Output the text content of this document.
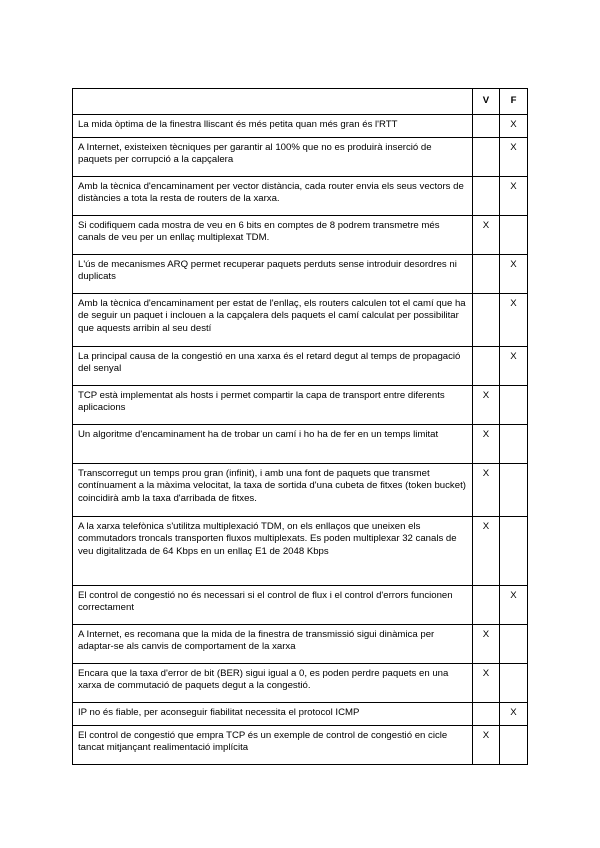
	V	F
La mida òptima de la finestra lliscant és més petita quan més gran és l'RTT		X
A Internet, existeixen tècniques per garantir al 100% que no es produirà inserció de paquets per corrupció a la capçalera		X
Amb la tècnica d'encaminament per vector distància, cada router envia els seus vectors de distàncies a tota la resta de routers de la xarxa.		X
Si codifiquem cada mostra de veu en 6 bits en comptes de 8 podrem transmetre més canals de veu per un enllaç multiplexat TDM.	X	
L'ús de mecanismes ARQ permet recuperar paquets perduts sense introduir desordres ni duplicats		X
Amb la tècnica d'encaminament per estat de l'enllaç, els routers calculen tot el camí que ha de seguir un paquet i inclouen a la capçalera dels paquets el camí calculat per possibilitar que aquests arribin al seu destí		X
La principal causa de la congestió en una xarxa és el retard degut al temps de propagació del senyal		X
TCP està implementat als hosts i permet compartir la capa de transport entre diferents aplicacions	X	
Un algoritme d'encaminament ha de trobar un camí i ho ha de fer en un temps limitat	X	
Transcorregut un temps prou gran (infinit), i amb una font de paquets que transmet contínuament a la màxima velocitat, la taxa de sortida d'una cubeta de fitxes (token bucket) coincidirà amb la taxa d'arribada de fitxes.	X	
A la xarxa telefònica s'utilitza multiplexació TDM, on els enllaços que uneixen els commutadors troncals transporten fluxos multiplexats. Es poden multiplexar 32 canals de veu digitalitzada de 64 Kbps en un enllaç E1 de 2048 Kbps	X	
El control de congestió no és necessari si el control de flux i el control d'errors funcionen correctament		X
A Internet, es recomana que la mida de la finestra de transmissió sigui dinàmica per adaptar-se als canvis de comportament de la xarxa	X	
Encara que la taxa d'error de bit (BER) sigui igual a 0, es poden perdre paquets en una xarxa de commutació de paquets degut a la congestió.	X	
IP no és fiable, per aconseguir fiabilitat necessita el protocol ICMP		X
El control de congestió que empra TCP és un exemple de control de congestió en cicle tancat mitjançant realimentació implícita	X	
